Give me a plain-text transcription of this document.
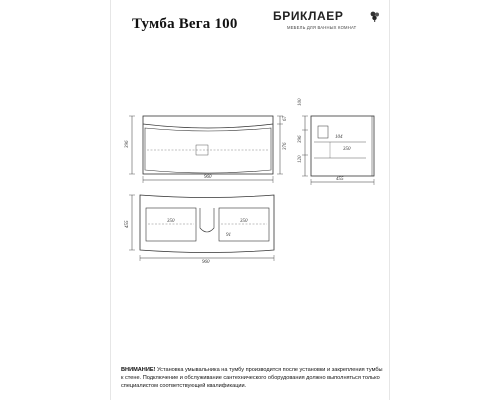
Тумба Вега 100	БРИКЛАЕР
МЕБЕЛЬ ДЛЯ ВАННЫХ КОМНАТ
960
396
67
376
100
396
120
350
104
455
350	350
91
960
455
ВНИМАНИЕ! Установка умывальника на тумбу производится после установки и закрепления тумбы к стене. Подключение и обслуживание сантехнического оборудования должно выполняться только специалистом соответствующей квалификации.
